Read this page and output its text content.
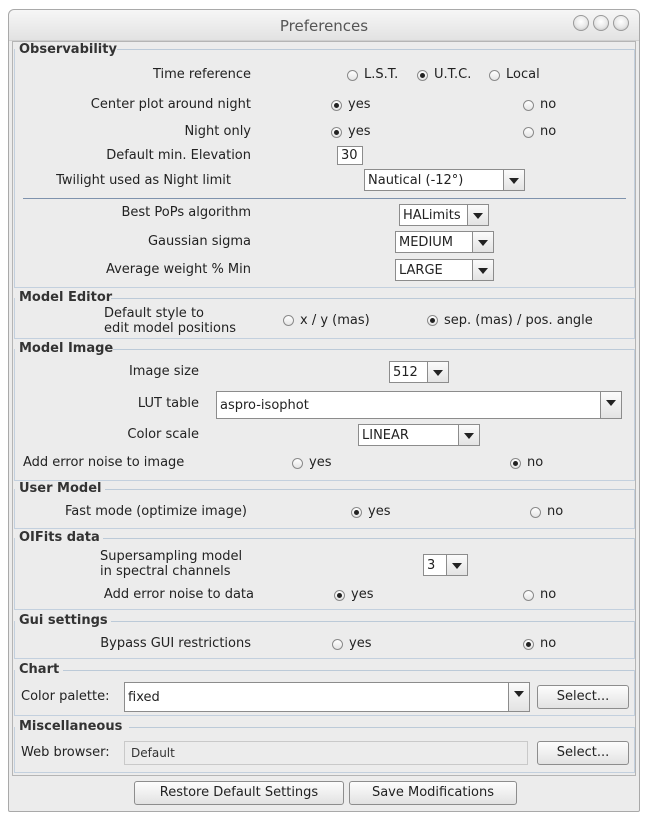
Preferences
Observability
Time reference	L.S.T.	U.T.C.	Local
Center plot around night	yes	no
Night only	yes	no
Default min. Elevation	30
Twilight used as Night limit	Nautical (-12°)
Best PoPs algorithm	HALimits
Gaussian sigma	MEDIUM
Average weight % Min	LARGE
Model Editor
Default style to
edit model positions
x / y (mas)	sep. (mas) / pos. angle
Model Image
Image size	512
LUT table aspro-isophot
Color scale	LINEAR
Add error noise to image	yes	no
User Model
Fast mode (optimize image)	yes	no
OIFits data
Supersampling model
in spectral channels	3
Add error noise to data	yes	no
Gui settings
Bypass GUI restrictions	yes	no
Chart
Color palette: fixed	Select...
Miscellaneous
Web browser:	Default	Select...
Restore Default Settings	Save Modifications
